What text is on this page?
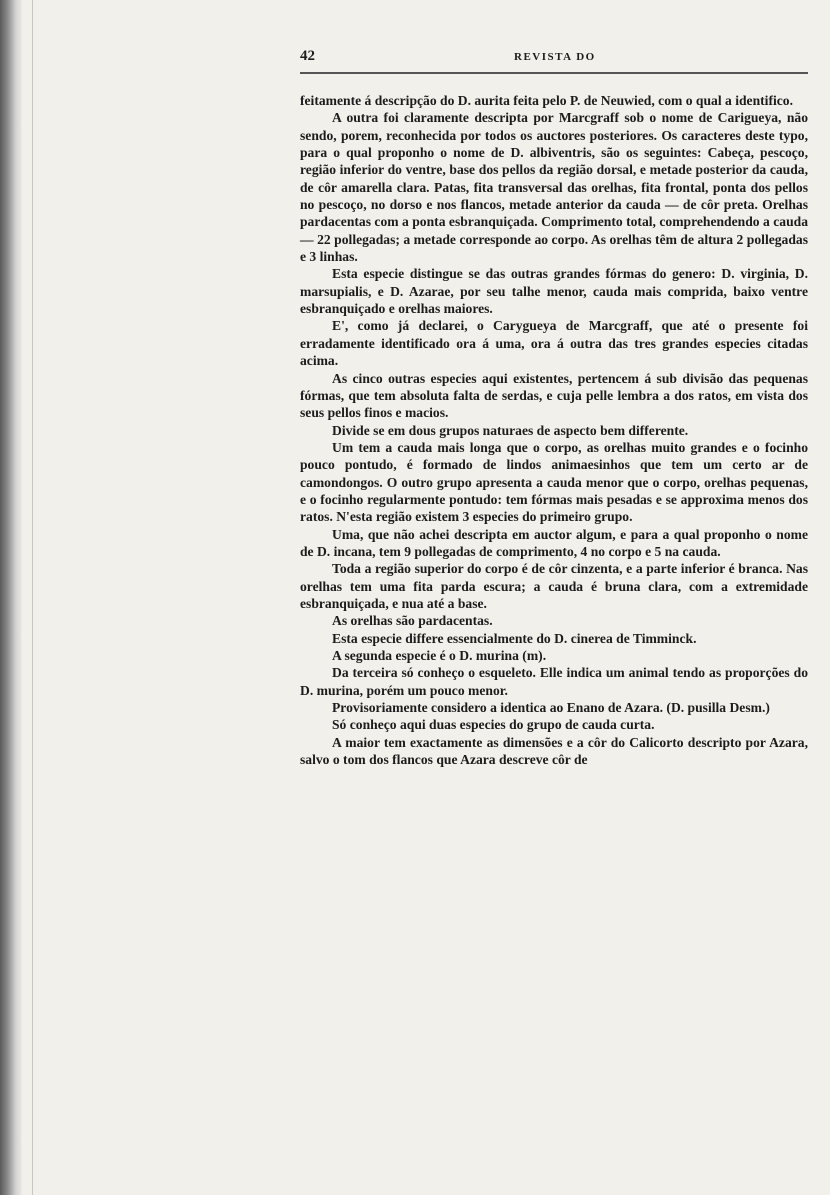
42	REVISTA DO

feitamente á descripção do D. aurita feita pelo P. de Neuwied, com o qual a identifico.

A outra foi claramente descripta por Marcgraff sob o nome de Carigueya, não sendo, porem, reconhecida por todos os auctores posteriores. Os caracteres deste typo, para o qual proponho o nome de D. albiventris, são os seguintes: Cabeça, pescoço, região inferior do ventre, base dos pellos da região dorsal, e metade posterior da cauda, de côr amarella clara. Patas, fita transversal das orelhas, fita frontal, ponta dos pellos no pescoço, no dorso e nos flancos, metade anterior da cauda — de côr preta. Orelhas pardacentas com a ponta esbranquiçada. Comprimento total, comprehendendo a cauda — 22 pollegadas; a metade corresponde ao corpo. As orelhas têm de altura 2 pollegadas e 3 linhas.

Esta especie distingue se das outras grandes fórmas do genero: D. virginia, D. marsupialis, e D. Azarae, por seu talhe menor, cauda mais comprida, baixo ventre esbranquiçado e orelhas maiores.

E', como já declarei, o Carygueya de Marcgraff, que até o presente foi erradamente identificado ora á uma, ora á outra das tres grandes especies citadas acima.

As cinco outras especies aqui existentes, pertencem á sub divisão das pequenas fórmas, que tem absoluta falta de serdas, e cuja pelle lembra a dos ratos, em vista dos seus pellos finos e macios.

Divide se em dous grupos naturaes de aspecto bem differente.

Um tem a cauda mais longa que o corpo, as orelhas muito grandes e o focinho pouco pontudo, é formado de lindos animaesinhos que tem um certo ar de camondongos. O outro grupo apresenta a cauda menor que o corpo, orelhas pequenas, e o focinho regularmente pontudo: tem fórmas mais pesadas e se approxima menos dos ratos. N'esta região existem 3 especies do primeiro grupo.

Uma, que não achei descripta em auctor algum, e para a qual proponho o nome de D. incana, tem 9 pollegadas de comprimento, 4 no corpo e 5 na cauda.

Toda a região superior do corpo é de côr cinzenta, e a parte inferior é branca. Nas orelhas tem uma fita parda escura; a cauda é bruna clara, com a extremidade esbranquiçada, e nua até a base.

As orelhas são pardacentas.

Esta especie differe essencialmente do D. cinerea de Timminck.

A segunda especie é o D. murina (m).

Da terceira só conheço o esqueleto. Elle indica um animal tendo as proporções do D. murina, porém um pouco menor.

Provisoriamente considero a identica ao Enano de Azara. (D. pusilla Desm.)

Só conheço aqui duas especies do grupo de cauda curta.

A maior tem exactamente as dimensões e a côr do Calicorto descripto por Azara, salvo o tom dos flancos que Azara descreve côr de
